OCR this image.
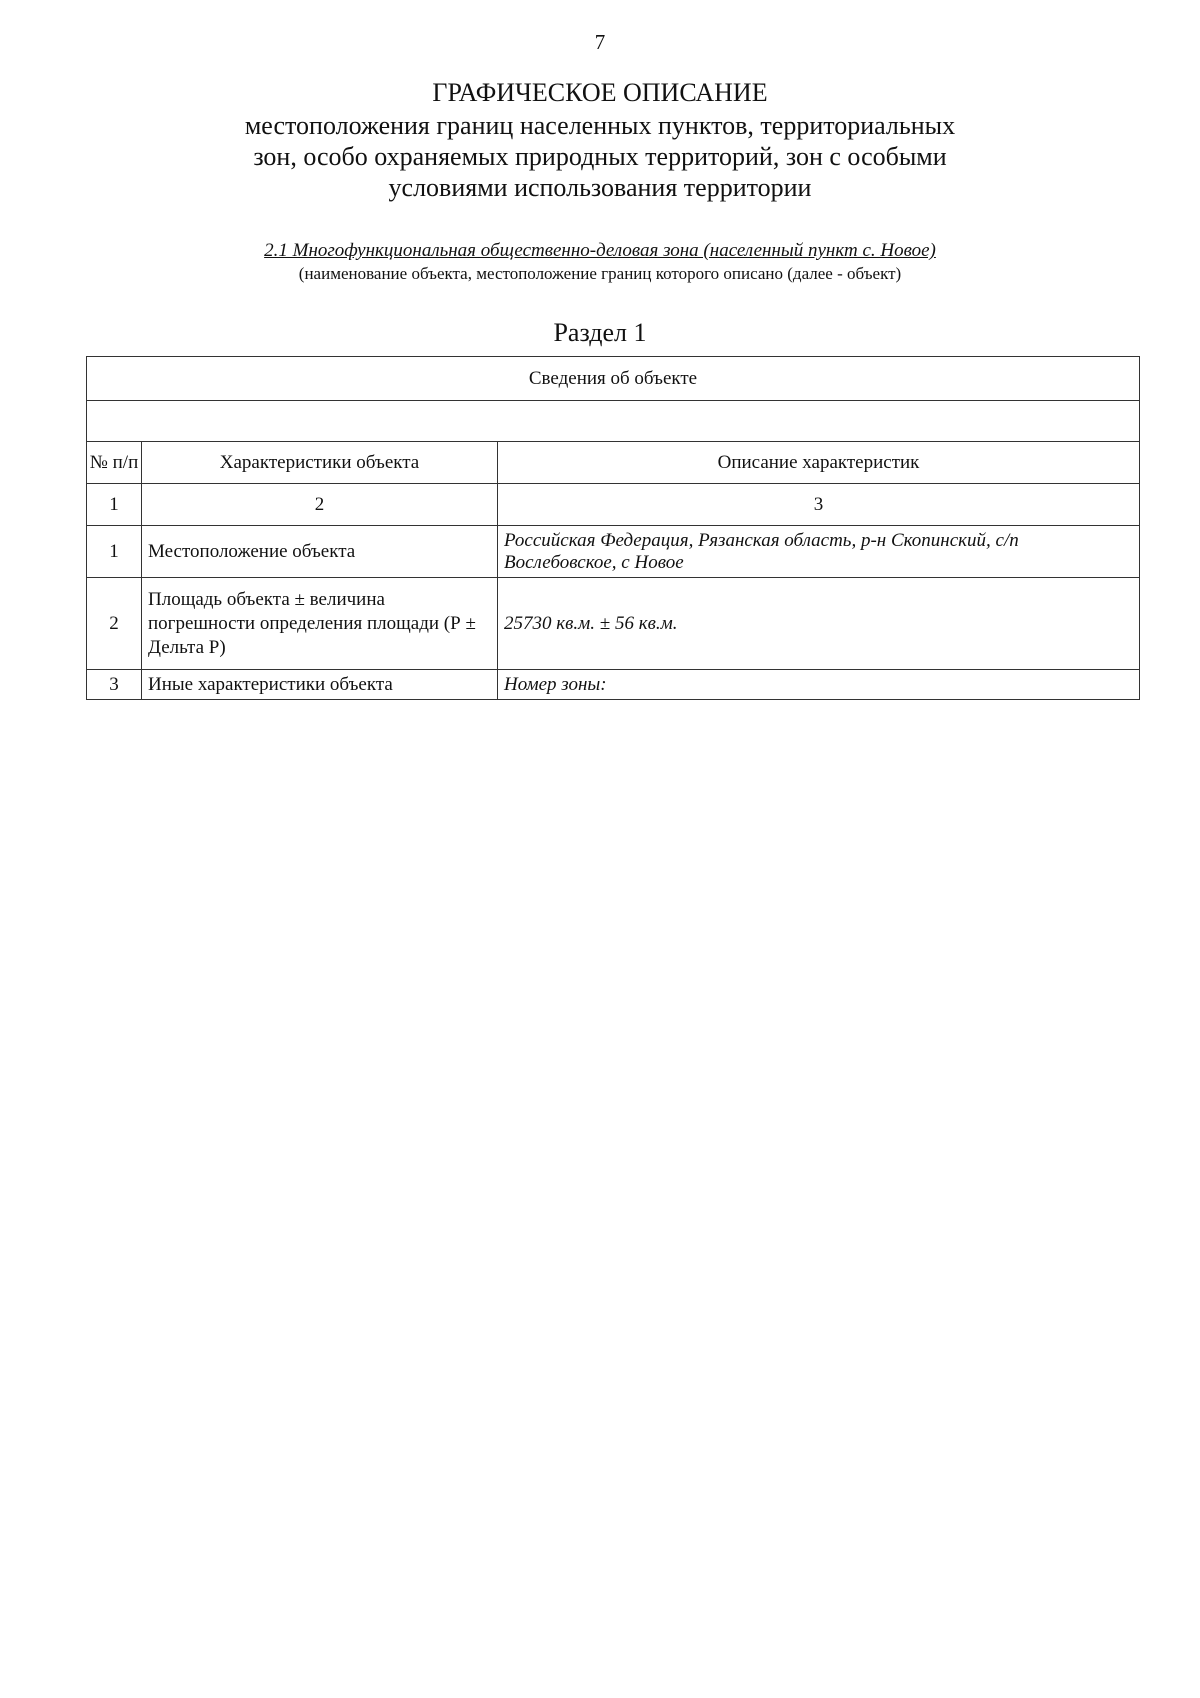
7
ГРАФИЧЕСКОЕ ОПИСАНИЕ
местоположения границ населенных пунктов, территориальных
зон, особо охраняемых природных территорий, зон с особыми
условиями использования территории
2.1 Многофункциональная общественно-деловая зона (населенный пункт с. Новое)
(наименование объекта, местоположение границ которого описано (далее - объект)
Раздел 1
Сведения об объекте		

№ п/п	Характеристики объекта	Описание характеристик
1	2	3
1	Местоположение объекта	Российская Федерация, Рязанская область, р-н Скопинский, с/п Вослебовское, с Новое
2	Площадь объекта ± величина погрешности определения площади (Р ± Дельта Р)	25730 кв.м. ± 56 кв.м.
3	Иные характеристики объекта	Номер зоны:
